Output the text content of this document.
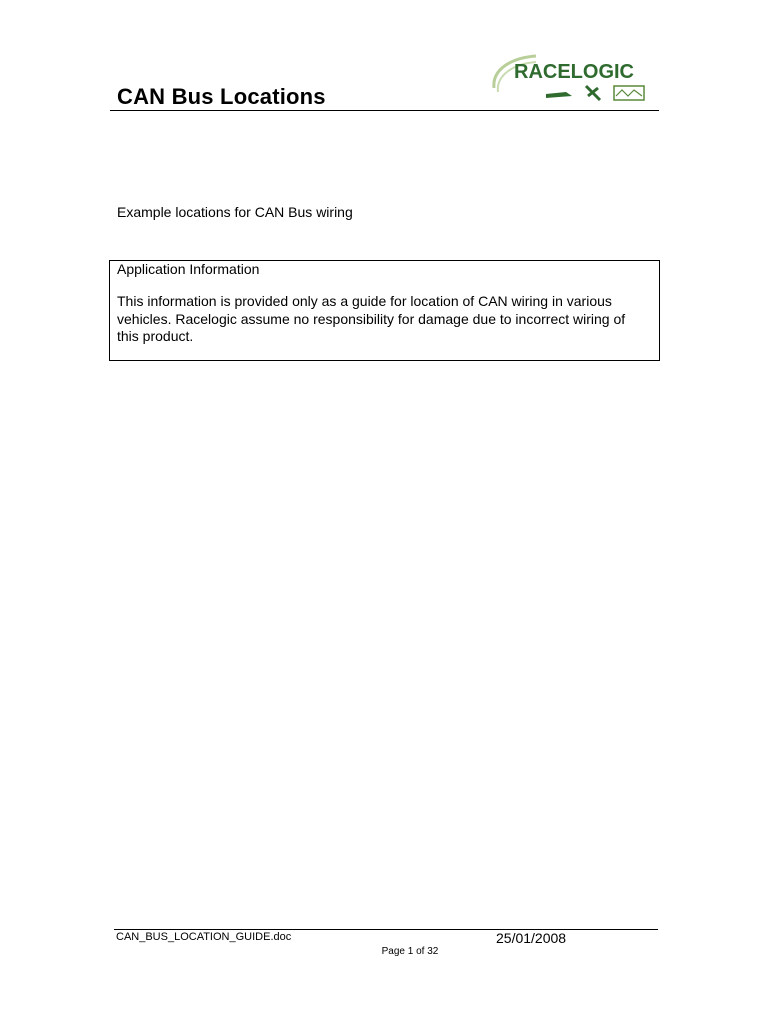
CAN Bus Locations
RACELOGIC
Example locations for CAN Bus wiring
Application Information
This information is provided only as a guide for location of CAN wiring in various vehicles. Racelogic assume no responsibility for damage due to incorrect wiring of this product.
CAN_BUS_LOCATION_GUIDE.doc	25/01/2008
Page 1 of 32
